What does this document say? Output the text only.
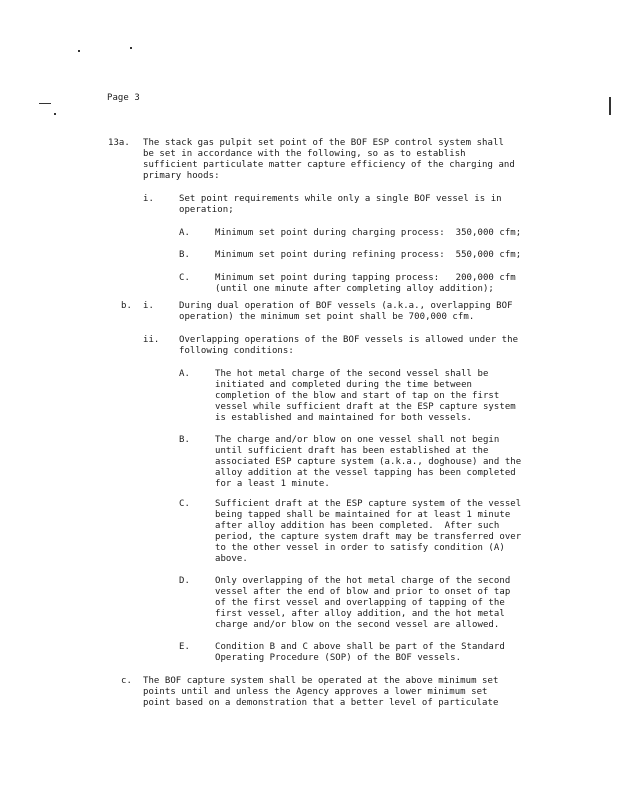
Page 3
13a. The stack gas pulpit set point of the BOF ESP control system shall
be set in accordance with the following, so as to establish
sufficient particulate matter capture efficiency of the charging and
primary hoods:
i.	Set point requirements while only a single BOF vessel is in
operation;
A.	Minimum set point during charging process:  350,000 cfm;
B.	Minimum set point during refining process:  550,000 cfm;
C.	Minimum set point during tapping process:   200,000 cfm
(until one minute after completing alloy addition);
b. i.	During dual operation of BOF vessels (a.k.a., overlapping BOF
operation) the minimum set point shall be 700,000 cfm.
ii. Overlapping operations of the BOF vessels is allowed under the
following conditions:
A.	The hot metal charge of the second vessel shall be
initiated and completed during the time between
completion of the blow and start of tap on the first
vessel while sufficient draft at the ESP capture system
is established and maintained for both vessels.
B.	The charge and/or blow on one vessel shall not begin
until sufficient draft has been established at the
associated ESP capture system (a.k.a., doghouse) and the
alloy addition at the vessel tapping has been completed
for a least 1 minute.
C.	Sufficient draft at the ESP capture system of the vessel
being tapped shall be maintained for at least 1 minute
after alloy addition has been completed.  After such
period, the capture system draft may be transferred over
to the other vessel in order to satisfy condition (A)
above.
D.	Only overlapping of the hot metal charge of the second
vessel after the end of blow and prior to onset of tap
of the first vessel and overlapping of tapping of the
first vessel, after alloy addition, and the hot metal
charge and/or blow on the second vessel are allowed.
E.	Condition B and C above shall be part of the Standard
Operating Procedure (SOP) of the BOF vessels.
c. The BOF capture system shall be operated at the above minimum set
points until and unless the Agency approves a lower minimum set
point based on a demonstration that a better level of particulate
